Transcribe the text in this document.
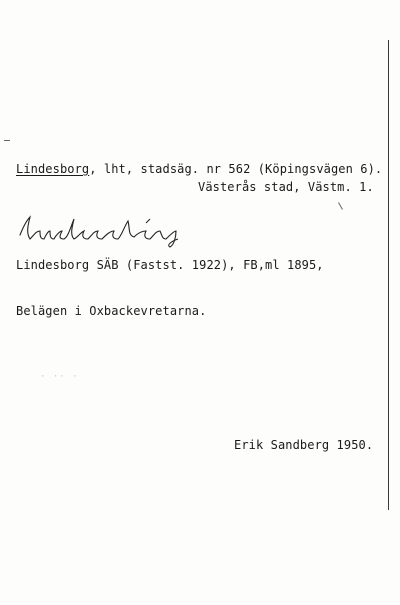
Lindesborg, lht, stadsäg. nr 562 (Köpingsvägen 6).
Västerås stad, Västm. 1.
Lindesborg SÄB (Fastst. 1922), FB,ml 1895,
Belägen i Oxbackevretarna.
· ·· ·
Erik Sandberg 1950.
